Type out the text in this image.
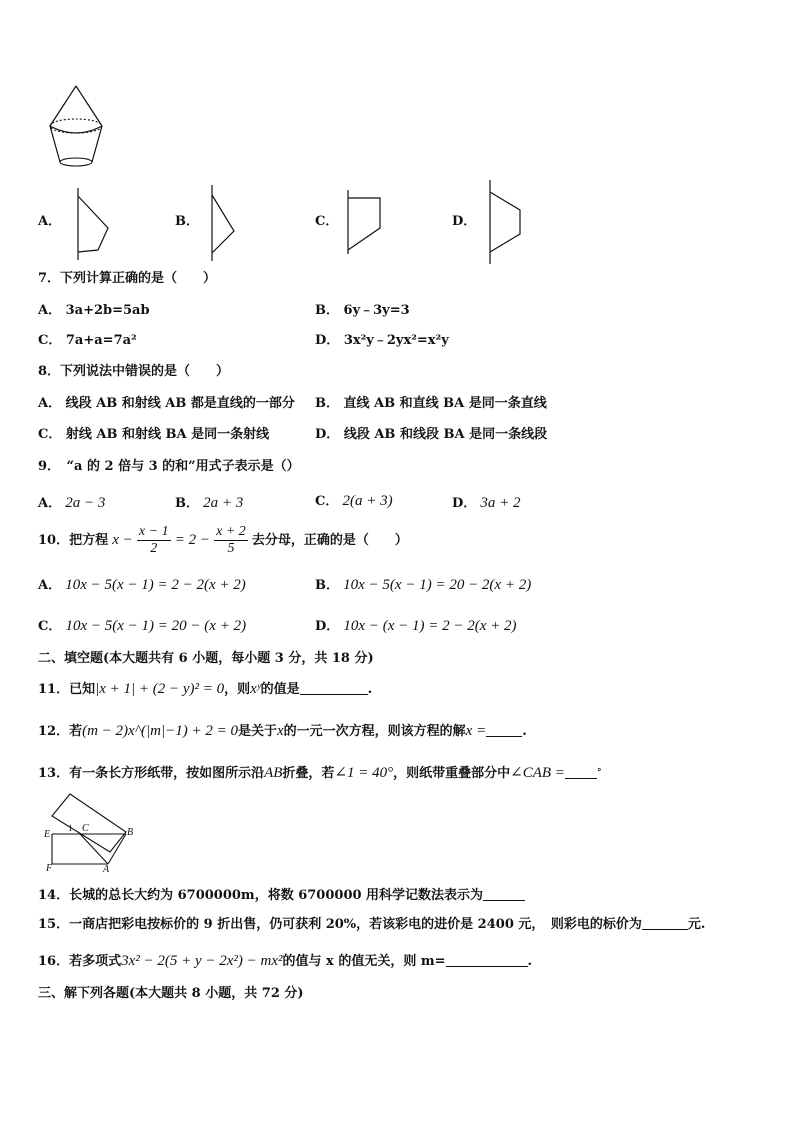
A．	B．	C．	D．
7．下列计算正确的是（　　）
A． 3a+2b=5ab	B． 6y﹣3y=3
C． 7a+a=7a²	D． 3x²y﹣2yx²=x²y
8．下列说法中错误的是（　　）
A． 线段 AB 和射线 AB 都是直线的一部分 B． 直线 AB 和直线 BA 是同一条直线
C． 射线 AB 和射线 BA 是同一条射线	D． 线段 AB 和线段 BA 是同一条线段
9．　“a 的 2 倍与 3 的和”用式子表示是（）
A． 2a − 3	B． 2a + 3	C． 2(a + 3)	D． 3a + 2
10．把方程 $x - \frac{x - 1}{2} = 2 - \frac{x + 2}{5}$ 去分母，正确的是（　　）
A． 10x − 5(x − 1) = 2 − 2(x + 2)	B． 10x − 5(x − 1) = 20 − 2(x + 2)
C． 10x − 5(x − 1) = 20 − (x + 2)	D． 10x − (x − 1) = 2 − 2(x + 2)
二、填空题(本大题共有 6 小题，每小题 3 分，共 18 分)
11．已知|x + 1| + (2 − y)² = 0，则xʸ的值是	.
12．若(m − 2)x^(|m|−1) + 2 = 0是关于x的一元一次方程，则该方程的解x =	.
13．有一条长方形纸带，按如图所示沿AB折叠，若∠1 = 40°，则纸带重叠部分中∠CAB =	°
E
1 C	B
F	A
14．长城的总长大约为 6700000m，将数 6700000 用科学记数法表示为
15．一商店把彩电按标价的 9 折出售，仍可获利 20%，若该彩电的进价是 2400 元，　则彩电的标价为	元.
16．若多项式3x² − 2(5 + y − 2x²) − mx²的值与 x 的值无关，则 m=	.
三、解下列各题(本大题共 8 小题，共 72 分)
